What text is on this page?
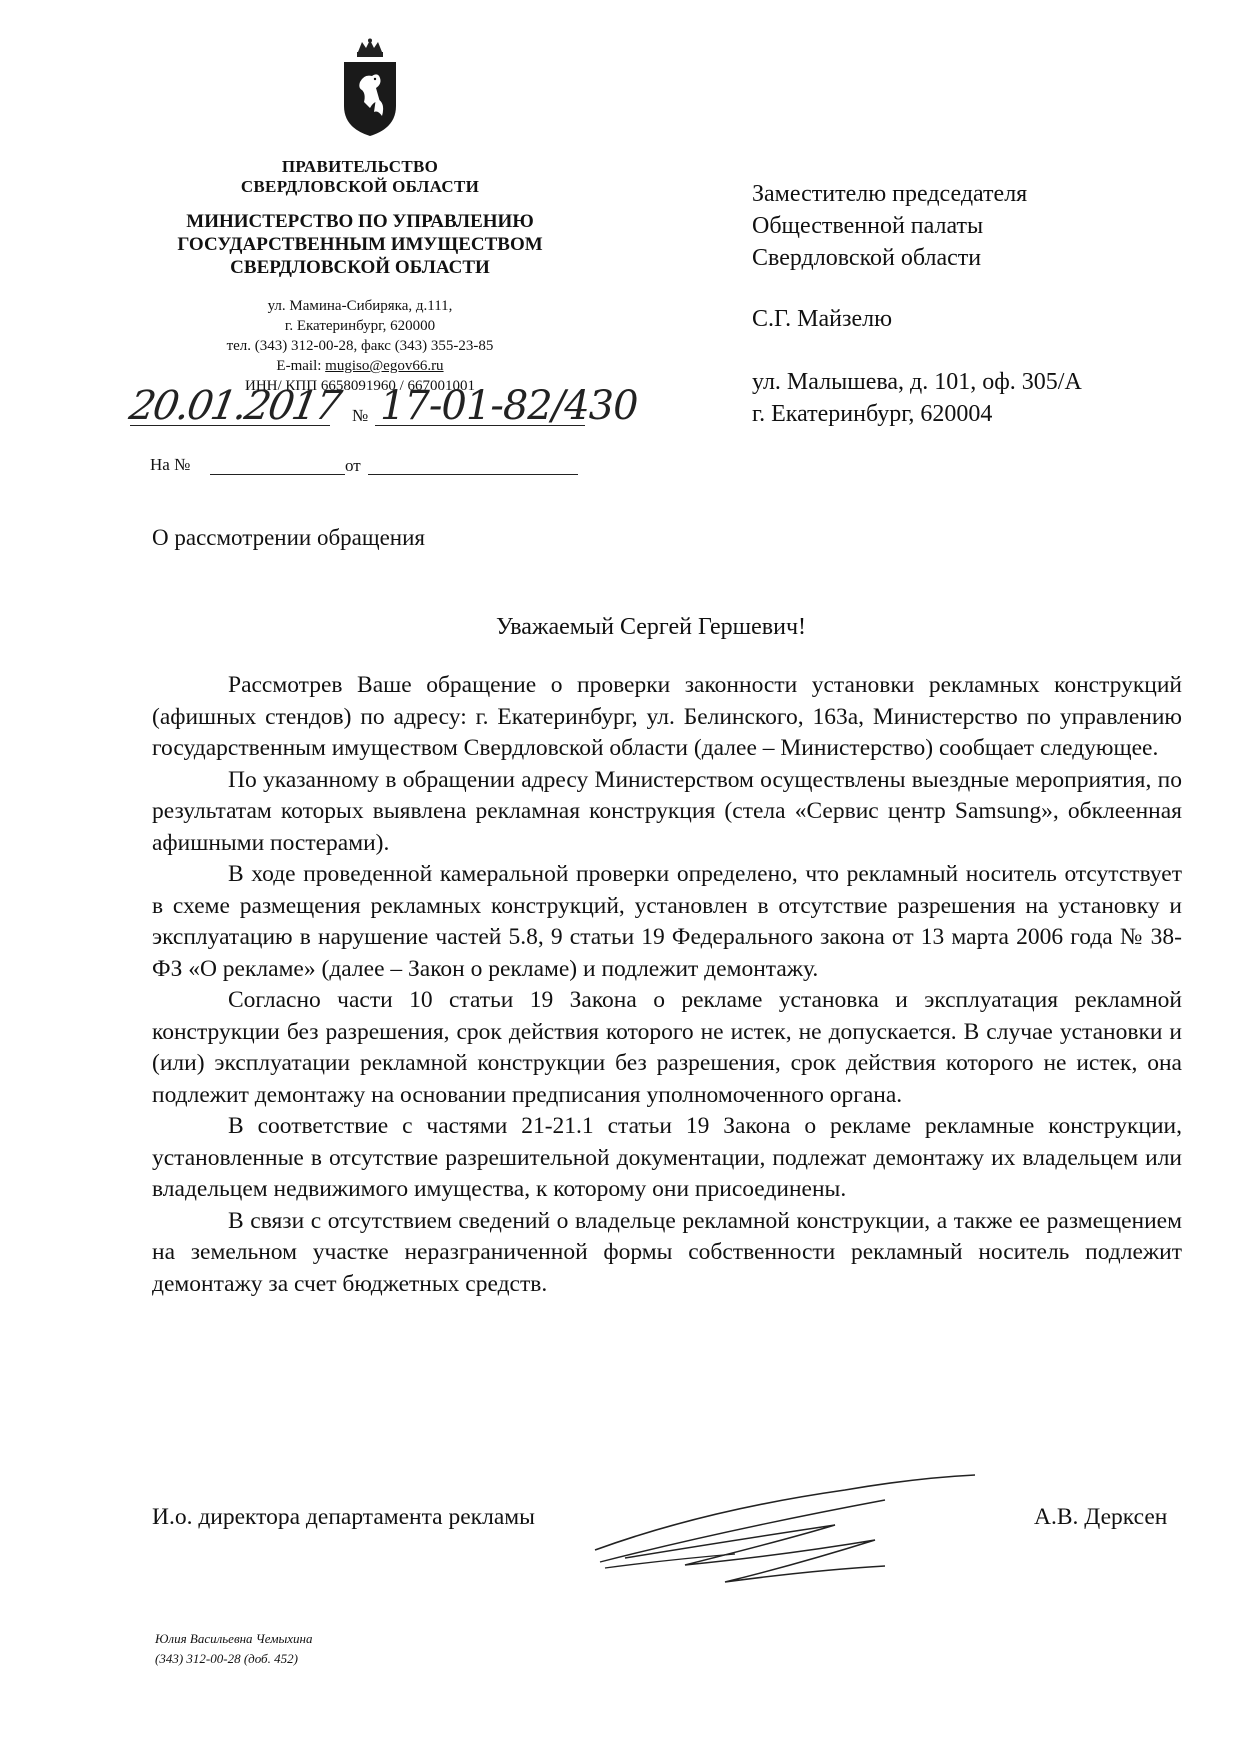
ПРАВИТЕЛЬСТВО
СВЕРДЛОВСКОЙ ОБЛАСТИ
МИНИСТЕРСТВО ПО УПРАВЛЕНИЮ
ГОСУДАРСТВЕННЫМ ИМУЩЕСТВОМ
СВЕРДЛОВСКОЙ ОБЛАСТИ
ул. Мамина-Сибиряка, д.111,
г. Екатеринбург, 620000
тел. (343) 312-00-28, факс (343) 355-23-85
E-mail: mugiso@egov66.ru
ИНН/ КПП 6658091960 / 667001001
20.01.2017 № 17-01-82/430
На №	от
Заместителю председателя
Общественной палаты
Свердловской области
С.Г. Майзелю
ул. Малышева, д. 101, оф. 305/А
г. Екатеринбург, 620004
О рассмотрении обращения
Уважаемый Сергей Гершевич!

Рассмотрев Ваше обращение о проверки законности установки рекламных конструкций (афишных стендов) по адресу: г. Екатеринбург, ул. Белинского, 163а, Министерство по управлению государственным имуществом Свердловской области (далее – Министерство) сообщает следующее.

По указанному в обращении адресу Министерством осуществлены выездные мероприятия, по результатам которых выявлена рекламная конструкция (стела «Сервис центр Samsung», обклеенная афишными постерами).

В ходе проведенной камеральной проверки определено, что рекламный носитель отсутствует в схеме размещения рекламных конструкций, установлен в отсутствие разрешения на установку и эксплуатацию в нарушение частей 5.8, 9 статьи 19 Федерального закона от 13 марта 2006 года № 38-ФЗ «О рекламе» (далее – Закон о рекламе) и подлежит демонтажу.

Согласно части 10 статьи 19 Закона о рекламе установка и эксплуатация рекламной конструкции без разрешения, срок действия которого не истек, не допускается. В случае установки и (или) эксплуатации рекламной конструкции без разрешения, срок действия которого не истек, она подлежит демонтажу на основании предписания уполномоченного органа.

В соответствие с частями 21-21.1 статьи 19 Закона о рекламе рекламные конструкции, установленные в отсутствие разрешительной документации, подлежат демонтажу их владельцем или владельцем недвижимого имущества, к которому они присоединены.

В связи с отсутствием сведений о владельце рекламной конструкции, а также ее размещением на земельном участке неразграниченной формы собственности рекламный носитель подлежит демонтажу за счет бюджетных средств.

И.о. директора департамента рекламы	А.В. Дерксен
Юлия Васильевна Чемыхина
(343) 312-00-28 (доб. 452)
